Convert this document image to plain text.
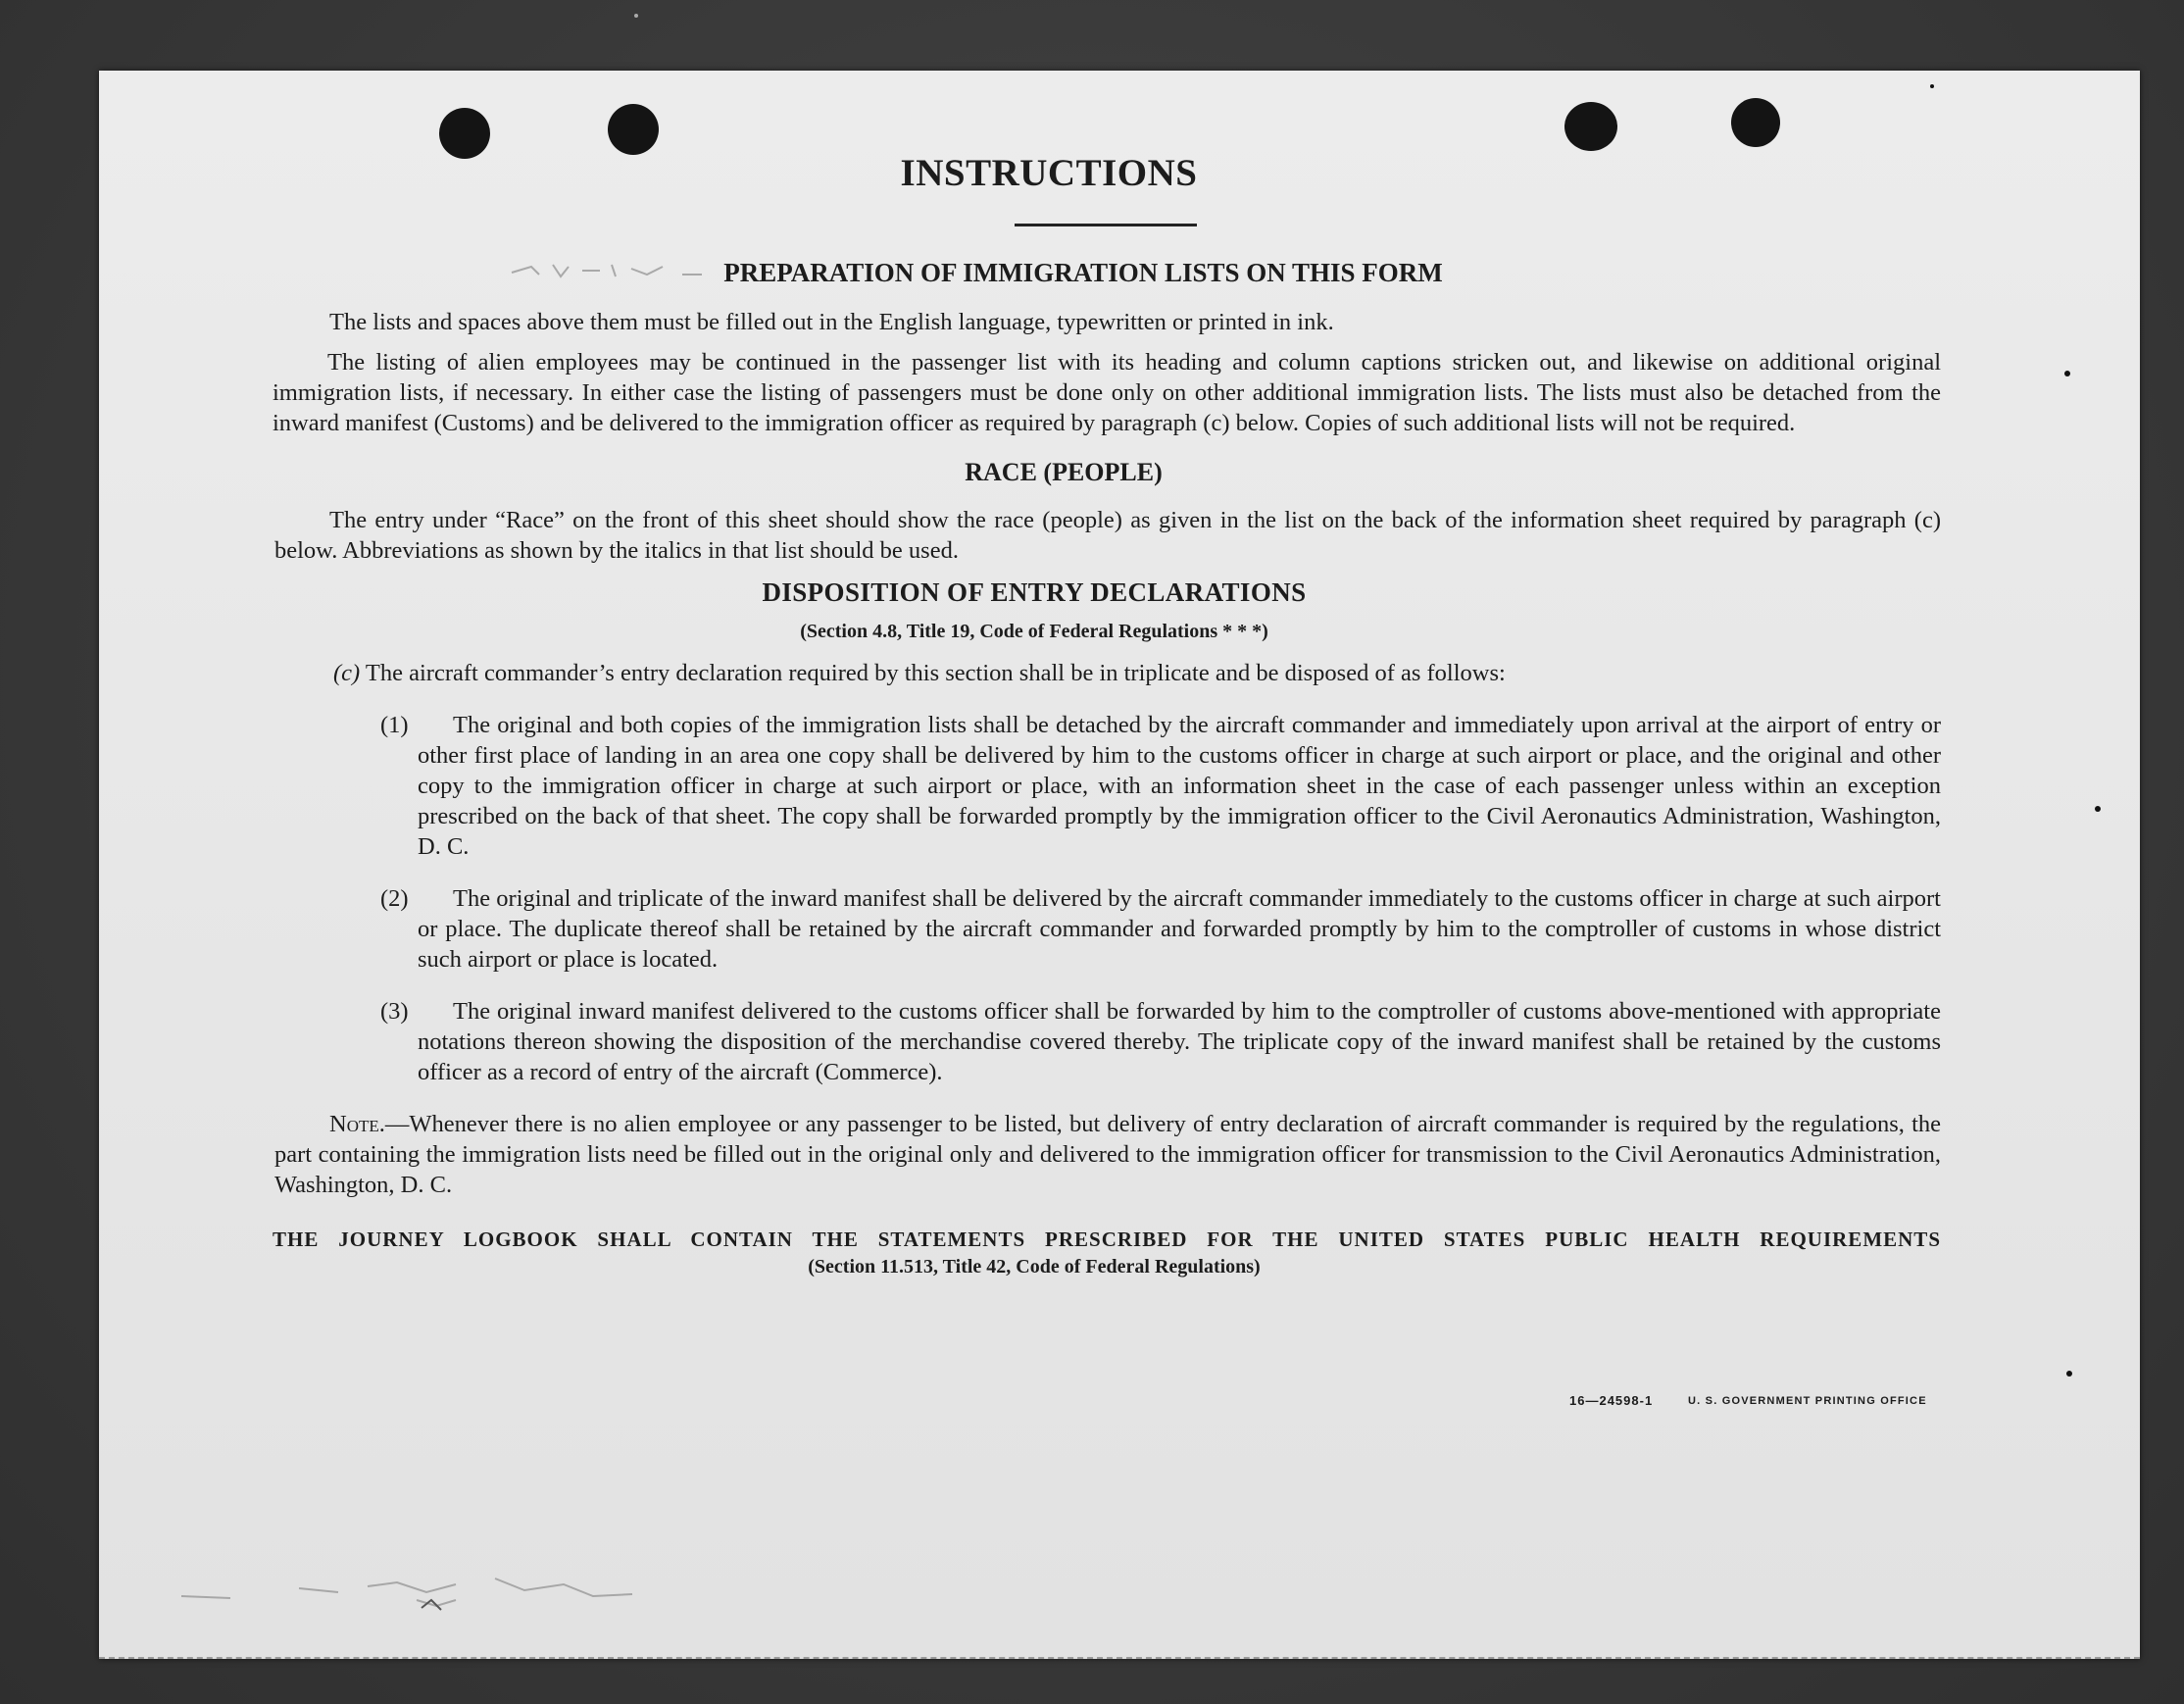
INSTRUCTIONS
PREPARATION OF IMMIGRATION LISTS ON THIS FORM

The lists and spaces above them must be filled out in the English language, typewritten or printed in ink.

The listing of alien employees may be continued in the passenger list with its heading and column captions stricken out, and likewise on additional original immigration lists, if necessary. In either case the listing of passengers must be done only on other additional immigration lists. The lists must also be detached from the inward manifest (Customs) and be delivered to the immigration officer as required by paragraph (c) below. Copies of such additional lists will not be required.

RACE (PEOPLE)

The entry under “Race” on the front of this sheet should show the race (people) as given in the list on the back of the information sheet required by paragraph (c) below. Abbreviations as shown by the italics in that list should be used.

DISPOSITION OF ENTRY DECLARATIONS
(Section 4.8, Title 19, Code of Federal Regulations * * *)

(c) The aircraft commander’s entry declaration required by this section shall be in triplicate and be disposed of as follows:

(1)	The original and both copies of the immigration lists shall be detached by the aircraft commander and immediately upon arrival at the airport of entry or other first place of landing in an area one copy shall be delivered by him to the customs officer in charge at such airport or place, and the original and other copy to the immigration officer in charge at such airport or place, with an information sheet in the case of each passenger unless within an exception prescribed on the back of that sheet. The copy shall be forwarded promptly by the immigration officer to the Civil Aeronautics Administration, Washington, D. C.

(2)	The original and triplicate of the inward manifest shall be delivered by the aircraft commander immediately to the customs officer in charge at such airport or place. The duplicate thereof shall be retained by the aircraft commander and forwarded promptly by him to the comptroller of customs in whose district such airport or place is located.

(3)	The original inward manifest delivered to the customs officer shall be forwarded by him to the comptroller of customs above-mentioned with appropriate notations thereon showing the disposition of the merchandise covered thereby. The triplicate copy of the inward manifest shall be retained by the customs officer as a record of entry of the aircraft (Commerce).

Note.—Whenever there is no alien employee or any passenger to be listed, but delivery of entry declaration of aircraft commander is required by the regulations, the part containing the immigration lists need be filled out in the original only and delivered to the immigration officer for transmission to the Civil Aeronautics Administration, Washington, D. C.

THE JOURNEY LOGBOOK SHALL CONTAIN THE STATEMENTS PRESCRIBED FOR THE UNITED STATES PUBLIC HEALTH REQUIREMENTS
(Section 11.513, Title 42, Code of Federal Regulations)
16—24598-1	U. S. GOVERNMENT PRINTING OFFICE
